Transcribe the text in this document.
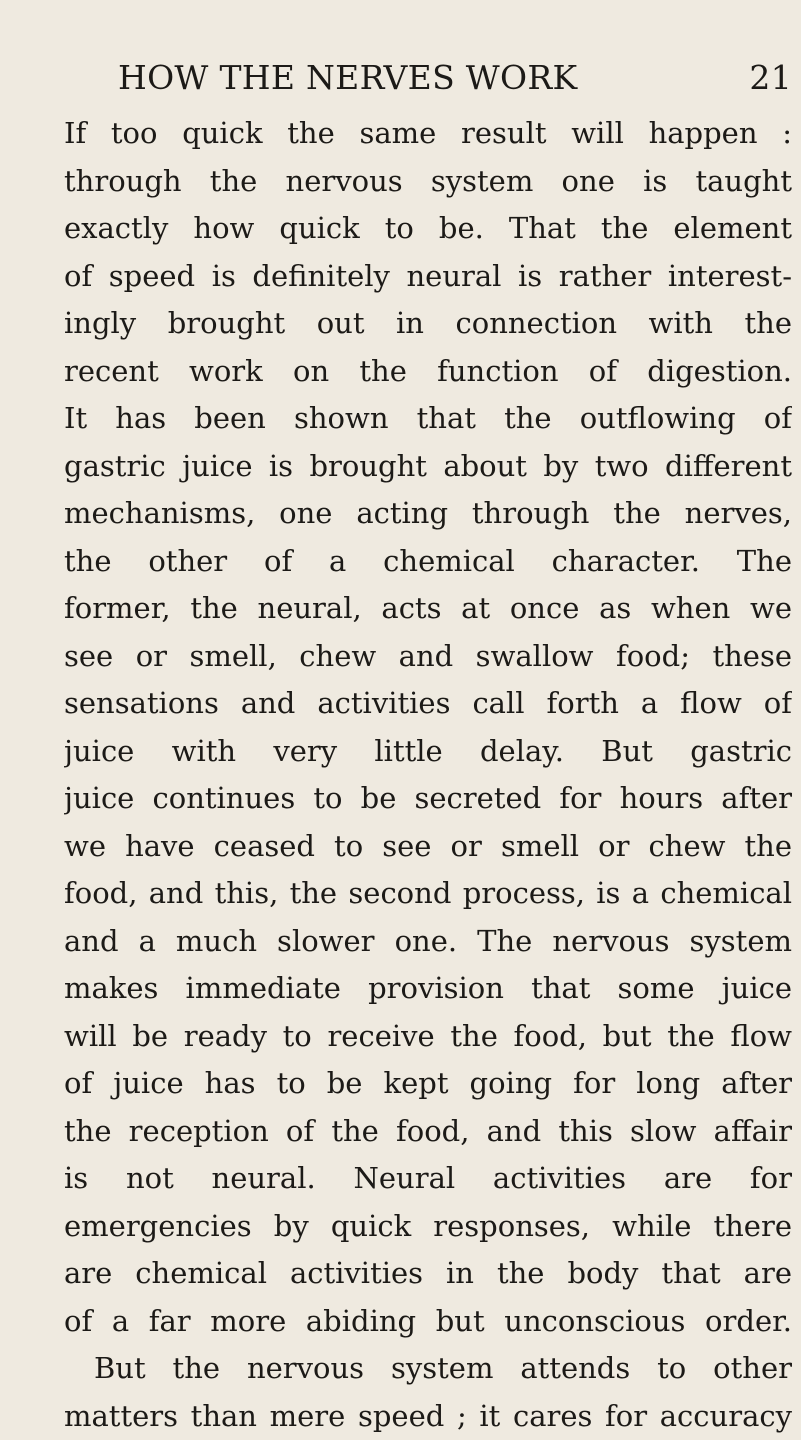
HOW THE NERVES WORK	21
If too quick the same result will happen :
through the nervous system one is taught
exactly how quick to be. That the element
of speed is definitely neural is rather interest-
ingly brought out in connection with the
recent work on the function of digestion.
It has been shown that the outflowing of
gastric juice is brought about by two different
mechanisms, one acting through the nerves,
the other of a chemical character. The
former, the neural, acts at once as when we
see or smell, chew and swallow food; these
sensations and activities call forth a flow of
juice with very little delay. But gastric
juice continues to be secreted for hours after
we have ceased to see or smell or chew the
food, and this, the second process, is a chemical
and a much slower one. The nervous system
makes immediate provision that some juice
will be ready to receive the food, but the flow
of juice has to be kept going for long after
the reception of the food, and this slow affair
is not neural. Neural activities are for
emergencies by quick responses, while there
are chemical activities in the body that are
of a far more abiding but unconscious order.
But the nervous system attends to other
matters than mere speed ; it cares for accuracy
